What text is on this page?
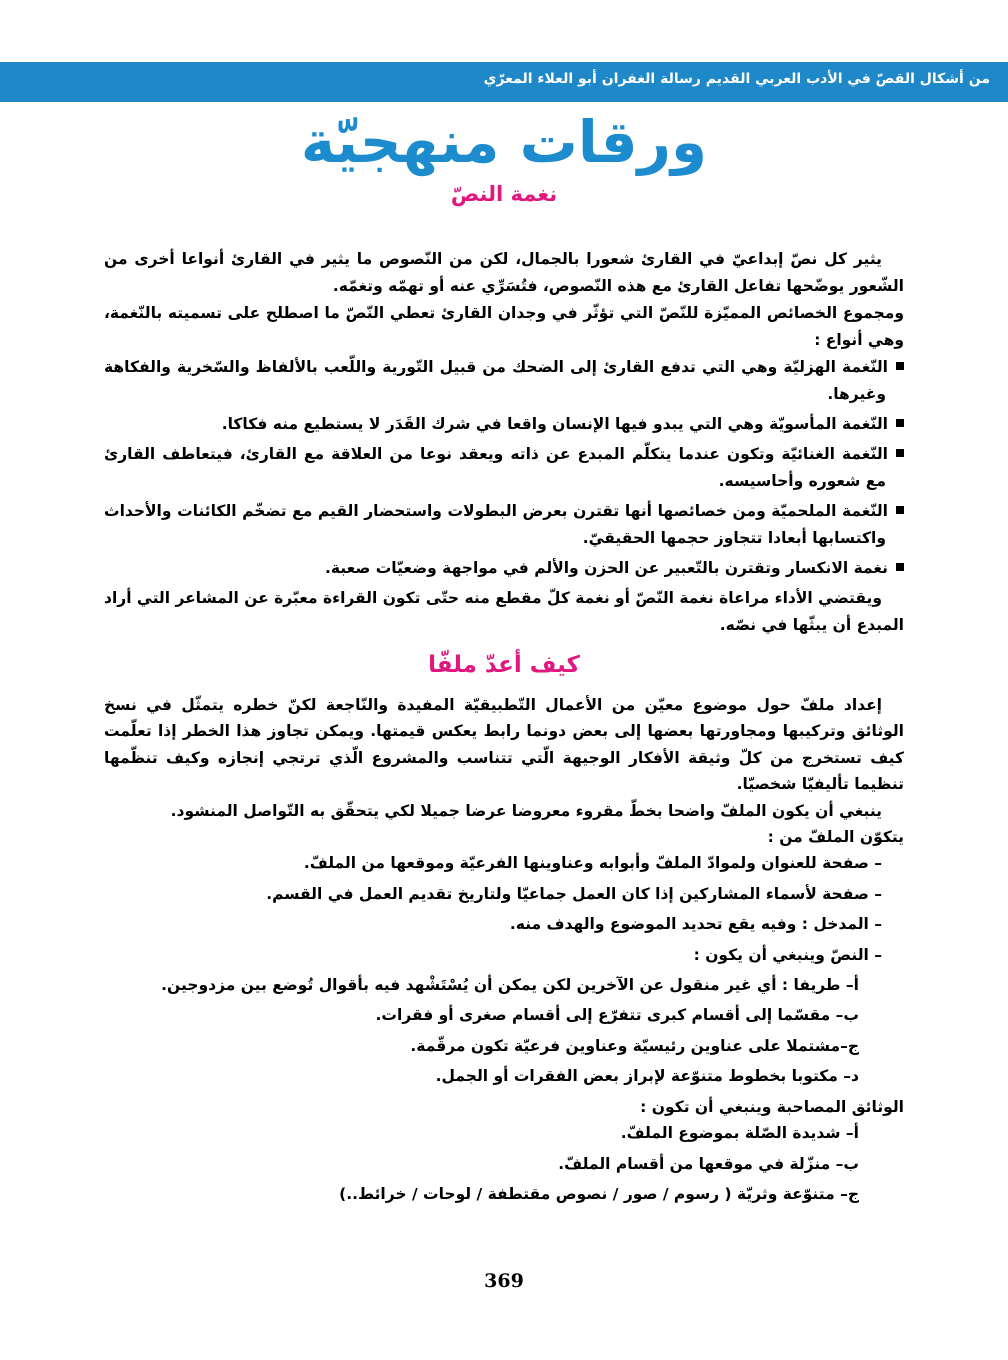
من أشكال القصّ في الأدب العربي القديم رسالة الغفران أبو العلاء المعرّي
ورقات منهجيّة
نغمة النصّ

يثير كل نصّ إبداعيّ في القارئ شعورا بالجمال، لكن من النّصوص ما يثير في القارئ أنواعا أخرى من الشّعور يوضّحها تفاعل القارئ مع هذه النّصوص، فتُسَرِّي عنه أو تهمّه وتغمّه.

ومجموع الخصائص المميّزة للنّصّ التي تؤثّر في وجدان القارئ تعطي النّصّ ما اصطلح على تسميته بالنّغمة، وهي أنواع :

النّغمة الهزليّة وهي التي تدفع القارئ إلى الضحك من قبيل التّورية واللّعب بالألفاظ والسّخرية والفكاهة وغيرها.

النّغمة المأسويّة وهي التي يبدو فيها الإنسان واقعا في شرك القَدَر لا يستطيع منه فكاكا.

النّغمة الغنائيّة وتكون عندما يتكلّم المبدع عن ذاته ويعقد نوعا من العلاقة مع القارئ، فيتعاطف القارئ مع شعوره وأحاسيسه.

النّغمة الملحميّة ومن خصائصها أنها تقترن بعرض البطولات واستحضار القيم مع تضخّم الكائنات والأحداث واكتسابها أبعادا تتجاوز حجمها الحقيقيّ.

نغمة الانكسار وتقترن بالتّعبير عن الحزن والألم في مواجهة وضعيّات صعبة.

ويقتضي الأداء مراعاة نغمة النّصّ أو نغمة كلّ مقطع منه حتّى تكون القراءة معبّرة عن المشاعر التي أراد المبدع أن يبثّها في نصّه.

كيف أعدّ ملفّا

إعداد ملفّ حول موضوع معيّن من الأعمال التّطبيقيّة المفيدة والنّاجعة لكنّ خطره يتمثّل في نسخ الوثائق وتركيبها ومجاورتها بعضها إلى بعض دونما رابط يعكس قيمتها. ويمكن تجاوز هذا الخطر إذا تعلّمت كيف تستخرج من كلّ وثيقة الأفكار الوجيهة الّتي تتناسب والمشروع الّذي ترتجي إنجازه وكيف تنظّمها تنظيما تأليفيّا شخصيّا.

ينبغي أن يكون الملفّ واضحا بخطّ مقروء معروضا عرضا جميلا لكي يتحقّق به التّواصل المنشود.

يتكوّن الملفّ من :

– صفحة للعنوان ولموادّ الملفّ وأبوابه وعناوينها الفرعيّة وموقعها من الملفّ.

– صفحة لأسماء المشاركين إذا كان العمل جماعيّا ولتاريخ تقديم العمل في القسم.

– المدخل : وفيه يقع تحديد الموضوع والهدف منه.

– النصّ وينبغي أن يكون :

أ– طريفا : أي غير منقول عن الآخرين لكن يمكن أن يُسْتَشْهد فيه بأقوال تُوضع بين مزدوجين.

ب– مقسّما إلى أقسام كبرى تتفرّع إلى أقسام صغرى أو فقرات.

ج–مشتملا على عناوين رئيسيّة وعناوين فرعيّة تكون مرقّمة.

د– مكتوبا بخطوط متنوّعة لإبراز بعض الفقرات أو الجمل.

الوثائق المصاحبة وينبغي أن تكون :

أ– شديدة الصّلة بموضوع الملفّ.

ب– منزّلة في موقعها من أقسام الملفّ.

ج– متنوّعة وثريّة ( رسوم / صور / نصوص مقتطفة / لوحات / خرائط..)

369
